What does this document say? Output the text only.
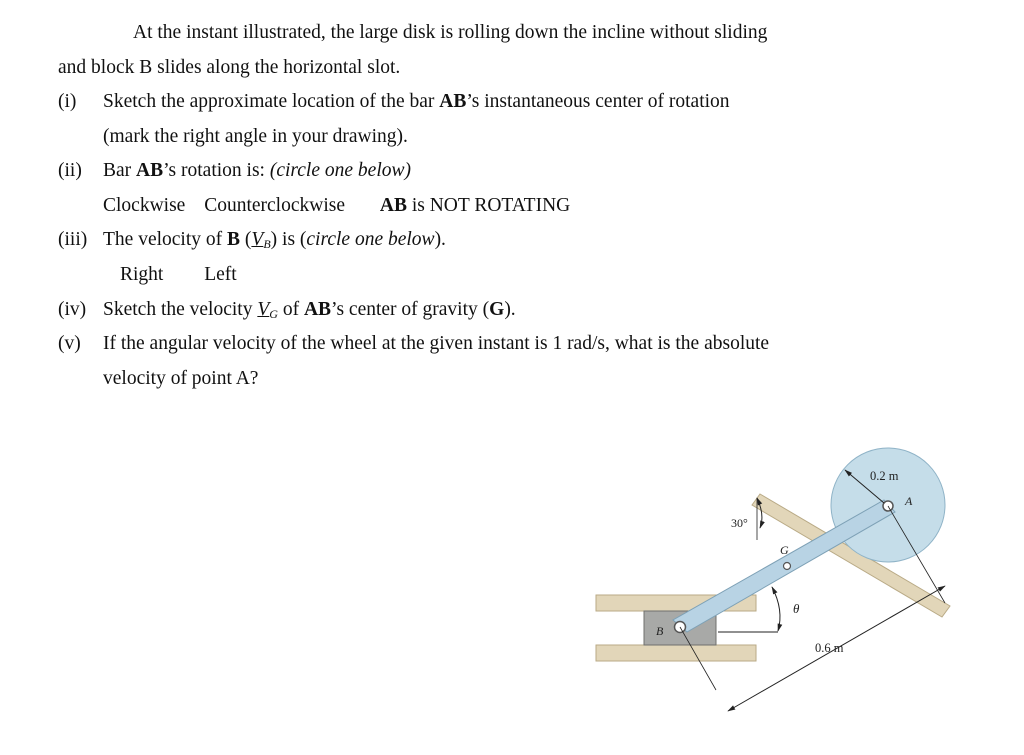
At the instant illustrated, the large disk is rolling down the incline without sliding
and block B slides along the horizontal slot.
(i) Sketch the approximate location of the bar AB’s instantaneous center of rotation
(mark the right angle in your drawing).
(ii) Bar AB’s rotation is: (circle one below)
Clockwise Counterclockwise AB is NOT ROTATING
(iii) The velocity of B $(V_B)$ is (circle one below).
Right Left
(iv) Sketch the velocity $V_G$ of AB’s center of gravity (G).
(v) If the angular velocity of the wheel at the given instant is 1 rad/s, what is the absolute
velocity of point A?
0.2 m
A
B
G
30°
θ
0.6 m
